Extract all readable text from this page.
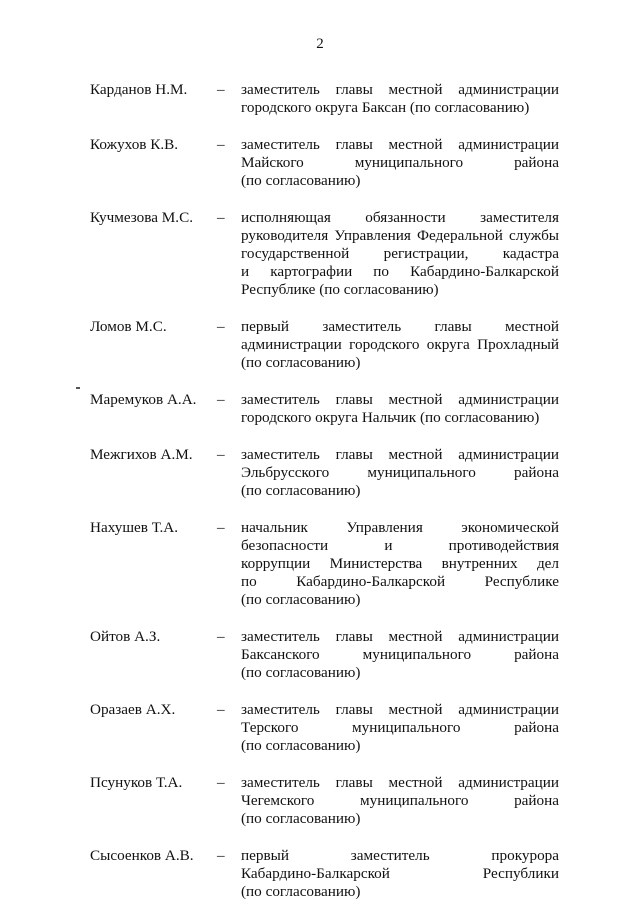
2
Карданов Н.М. – заместитель главы местной администрации
городского округа Баксан (по согласованию)
Кожухов К.В.	– заместитель главы местной администрации
Майского муниципального района
(по согласованию)
Кучмезова М.С. – исполняющая обязанности заместителя
руководителя Управления Федеральной службы
государственной регистрации, кадастра
и картографии по Кабардино-Балкарской
Республике (по согласованию)
Ломов М.С.	– первый заместитель главы местной
администрации городского округа Прохладный
(по согласованию)
Маремуков А.А. – заместитель главы местной администрации
городского округа Нальчик (по согласованию)
Межгихов А.М. – заместитель главы местной администрации
Эльбрусского муниципального района
(по согласованию)
Нахушев Т.А.	– начальник Управления экономической
безопасности и противодействия
коррупции Министерства внутренних дел
по Кабардино-Балкарской Республике
(по согласованию)
Ойтов А.З.	– заместитель главы местной администрации
Баксанского муниципального района
(по согласованию)
Оразаев А.Х.	– заместитель главы местной администрации
Терского муниципального района
(по согласованию)
Псунуков Т.А. – заместитель главы местной администрации
Чегемского муниципального района
(по согласованию)
Сысоенков А.В. – первый заместитель прокурора
Кабардино-Балкарской Республики
(по согласованию)
